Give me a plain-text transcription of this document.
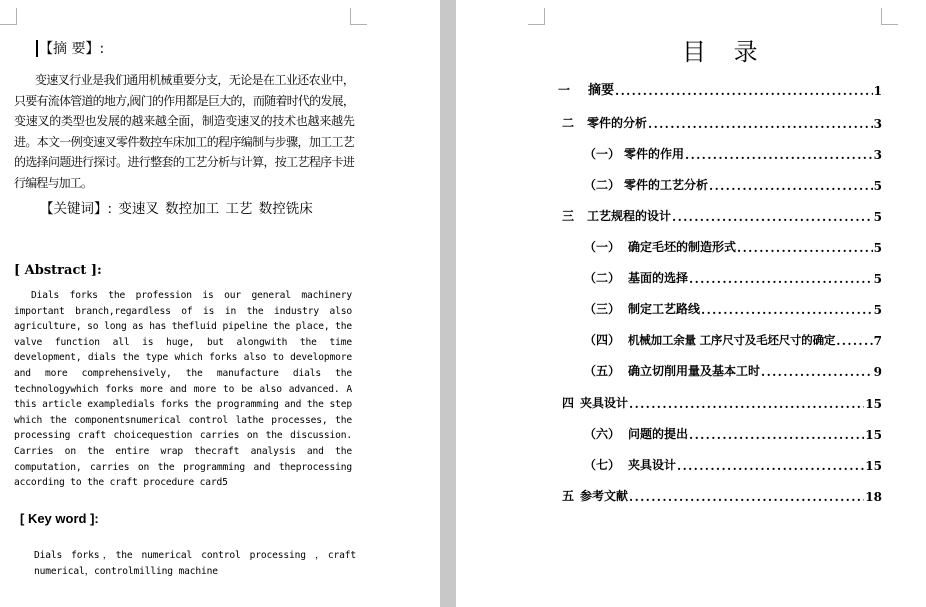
【摘 要】:
变速叉行业是我们通用机械重要分支，无论是在工业还农业中，只要有流体管道的地方,阀门的作用都是巨大的，而随着时代的发展，变速叉的类型也发展的越来越全面，制造变速叉的技术也越来越先进。本文一例变速叉零件数控车床加工的程序编制与步骤，加工工艺的选择问题进行探讨。进行整套的工艺分析与计算，按工艺程序卡进行编程与加工。
【关键词】: 变速叉 数控加工 工艺 数控铣床
[ Abstract ]:
Dials forks the profession is our general machinery important branch,regardless of is in the industry also agriculture, so long as has thefluid pipeline the place, the valve function all is huge, but alongwith the time development, dials the type which forks also to developmore and more comprehensively, the manufacture dials the technologywhich forks more and more to be also advanced. A this article exampledials forks the programming and the step which the componentsnumerical control lathe processes, the processing craft choicequestion carries on the discussion. Carries on the entire wrap thecraft analysis and the computation, carries on the programming and theprocessing according to the craft procedure card5
[ Key word ]:
Dials forks，the numerical control processing ，craft numerical，controlmilling machine
目 录
一	摘要 . . .	1
二	零件的分析 . . .	3
（一） 零件的作用 . . .	3
（二） 零件的工艺分析 . . .	5
三	工艺规程的设计 . . .	5
（一） 确定毛坯的制造形式 . . .	5
（二） 基面的选择 . . .	5
（三） 制定工艺路线 . . .	5
（四） 机械加工余量 工序尺寸及毛坯尺寸的确定 . . .	7
（五） 确立切削用量及基本工时 . . .	9
四 夹具设计 . . .	15
（六） 问题的提出 . . .	15
（七） 夹具设计 . . .	15
五 参考文献 . . .	18
